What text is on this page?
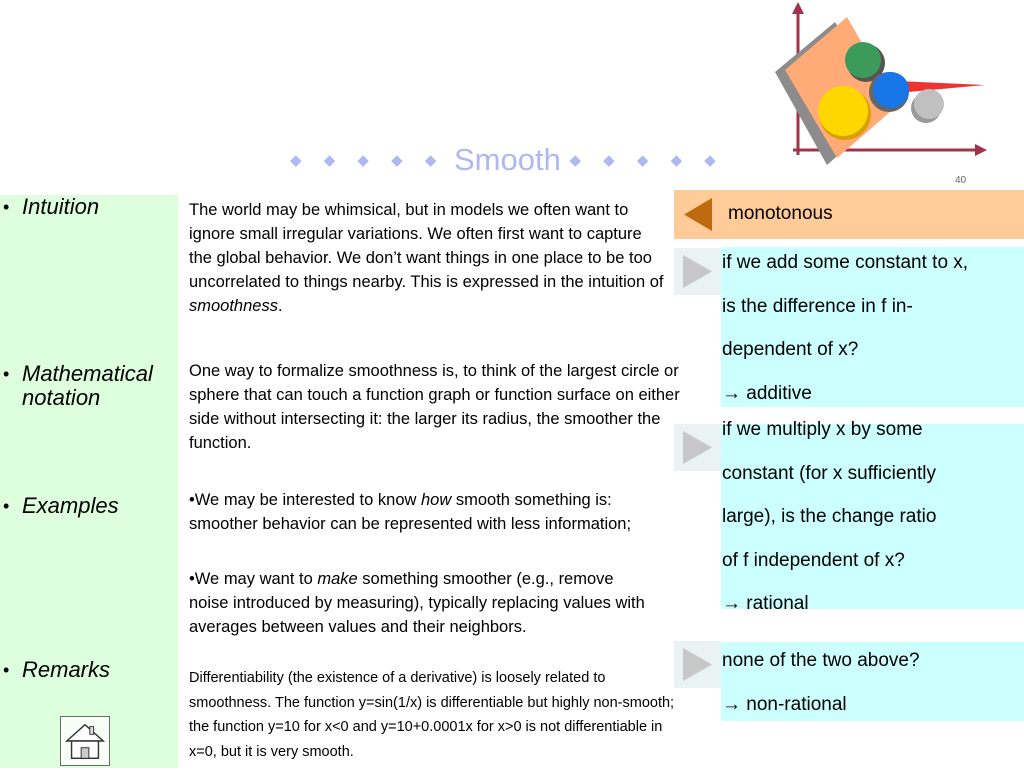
◆ ◆ ◆ ◆ ◆ Smooth ◆ ◆ ◆ ◆ ◆
40
• Intuition
• Mathematical notation
• Examples
• Remarks
The world may be whimsical, but in models we often want to ignore small irregular variations. We often first want to capture the global behavior. We don’t want things in one place to be too uncorrelated to things nearby. This is expressed in the intuition of smoothness.
One way to formalize smoothness is, to think of the largest circle or sphere that can touch a function graph or function surface on either side without intersecting it: the larger its radius, the smoother the function.
•We may be interested to know how smooth something is: smoother behavior can be represented with less information;
•We may want to make something smoother (e.g., remove noise introduced by measuring), typically replacing values with averages between values and their neighbors.
Differentiability (the existence of a derivative) is loosely related to smoothness. The function y=sin(1/x) is differentiable but highly non-smooth; the function y=10 for x<0 and y=10+0.0001x for x>0 is not differentiable in x=0, but it is very smooth.
monotonous
if we add some constant to x,
is the difference in f in-
dependent of x?
→ additive
if we multiply x by some
constant (for x sufficiently
large), is the change ratio
of f independent of x?
→ rational
none of the two above?
→ non-rational
